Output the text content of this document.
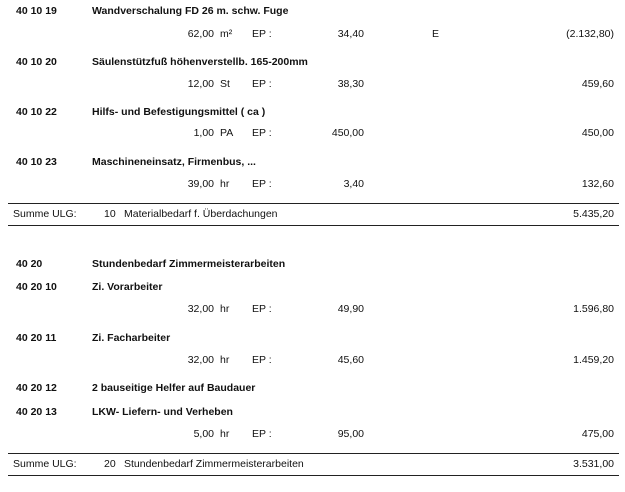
40 10 19	Wandverschalung FD 26 m. schw. Fuge
62,00 m² EP :	34,40	E	(2.132,80)
40 10 20	Säulenstützfuß höhenverstellb. 165-200mm
12,00 St EP :	38,30	459,60
40 10 22	Hilfs- und Befestigungsmittel ( ca )
1,00 PA EP :	450,00	450,00
40 10 23	Maschineneinsatz, Firmenbus, ...
39,00 hr EP :	3,40	132,60
Summe ULG:	10 Materialbedarf f. Überdachungen	5.435,20
40 20	Stundenbedarf Zimmermeisterarbeiten
40 20 10	Zi. Vorarbeiter
32,00 hr EP :	49,90	1.596,80
40 20 11	Zi. Facharbeiter
32,00 hr EP :	45,60	1.459,20
40 20 12	2 bauseitige Helfer auf Baudauer
40 20 13	LKW- Liefern- und Verheben
5,00 hr EP :	95,00	475,00
Summe ULG:	20 Stundenbedarf Zimmermeisterarbeiten	3.531,00
